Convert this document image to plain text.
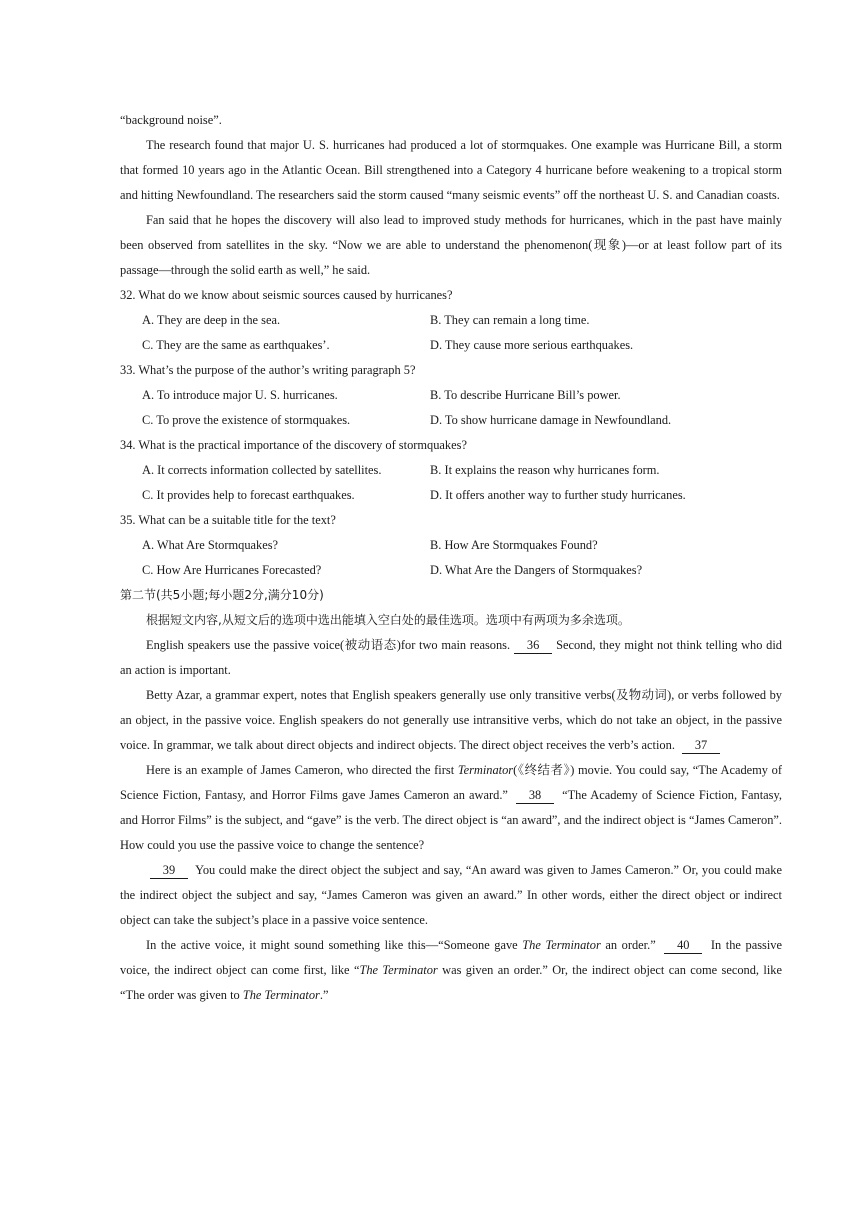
“background noise”.

The research found that major U. S. hurricanes had produced a lot of stormquakes. One example was Hurricane Bill, a storm that formed 10 years ago in the Atlantic Ocean. Bill strengthened into a Category 4 hurricane before weakening to a tropical storm and hitting Newfoundland. The researchers said the storm caused “many seismic events” off the northeast U. S. and Canadian coasts.

Fan said that he hopes the discovery will also lead to improved study methods for hurricanes, which in the past have mainly been observed from satellites in the sky. “Now we are able to understand the phenomenon(现象)—or at least follow part of its passage—through the solid earth as well,” he said.

32. What do we know about seismic sources caused by hurricanes?

A. They are deep in the sea.	B. They can remain a long time.
C. They are the same as earthquakes’.	D. They cause more serious earthquakes.

33. What’s the purpose of the author’s writing paragraph 5?

A. To introduce major U. S. hurricanes.	B. To describe Hurricane Bill’s power.
C. To prove the existence of stormquakes.	D. To show hurricane damage in Newfoundland.

34. What is the practical importance of the discovery of stormquakes?

A. It corrects information collected by satellites.	B. It explains the reason why hurricanes form.
C. It provides help to forecast earthquakes.	D. It offers another way to further study hurricanes.

35. What can be a suitable title for the text?

A. What Are Stormquakes?	B. How Are Stormquakes Found?
C. How Are Hurricanes Forecasted?	D. What Are the Dangers of Stormquakes?

第二节(共5小题;每小题2分,满分10分)

根据短文内容,从短文后的选项中选出能填入空白处的最佳选项。选项中有两项为多余选项。

English speakers use the passive voice(被动语态)for two main reasons. 36 Second, they might not think telling who did an action is important.

Betty Azar, a grammar expert, notes that English speakers generally use only transitive verbs(及物动词), or verbs followed by an object, in the passive voice. English speakers do not generally use intransitive verbs, which do not take an object, in the passive voice. In grammar, we talk about direct objects and indirect objects. The direct object receives the verb’s action. 37

Here is an example of James Cameron, who directed the first Terminator(《终结者》) movie. You could say, “The Academy of Science Fiction, Fantasy, and Horror Films gave James Cameron an award.” 38 “The Academy of Science Fiction, Fantasy, and Horror Films” is the subject, and “gave” is the verb. The direct object is “an award”, and the indirect object is “James Cameron”. How could you use the passive voice to change the sentence?

39 You could make the direct object the subject and say, “An award was given to James Cameron.” Or, you could make the indirect object the subject and say, “James Cameron was given an award.” In other words, either the direct object or indirect object can take the subject’s place in a passive voice sentence.

In the active voice, it might sound something like this—“Someone gave The Terminator an order.” 40 In the passive voice, the indirect object can come first, like “The Terminator was given an order.” Or, the indirect object can come second, like “The order was given to The Terminator.”
